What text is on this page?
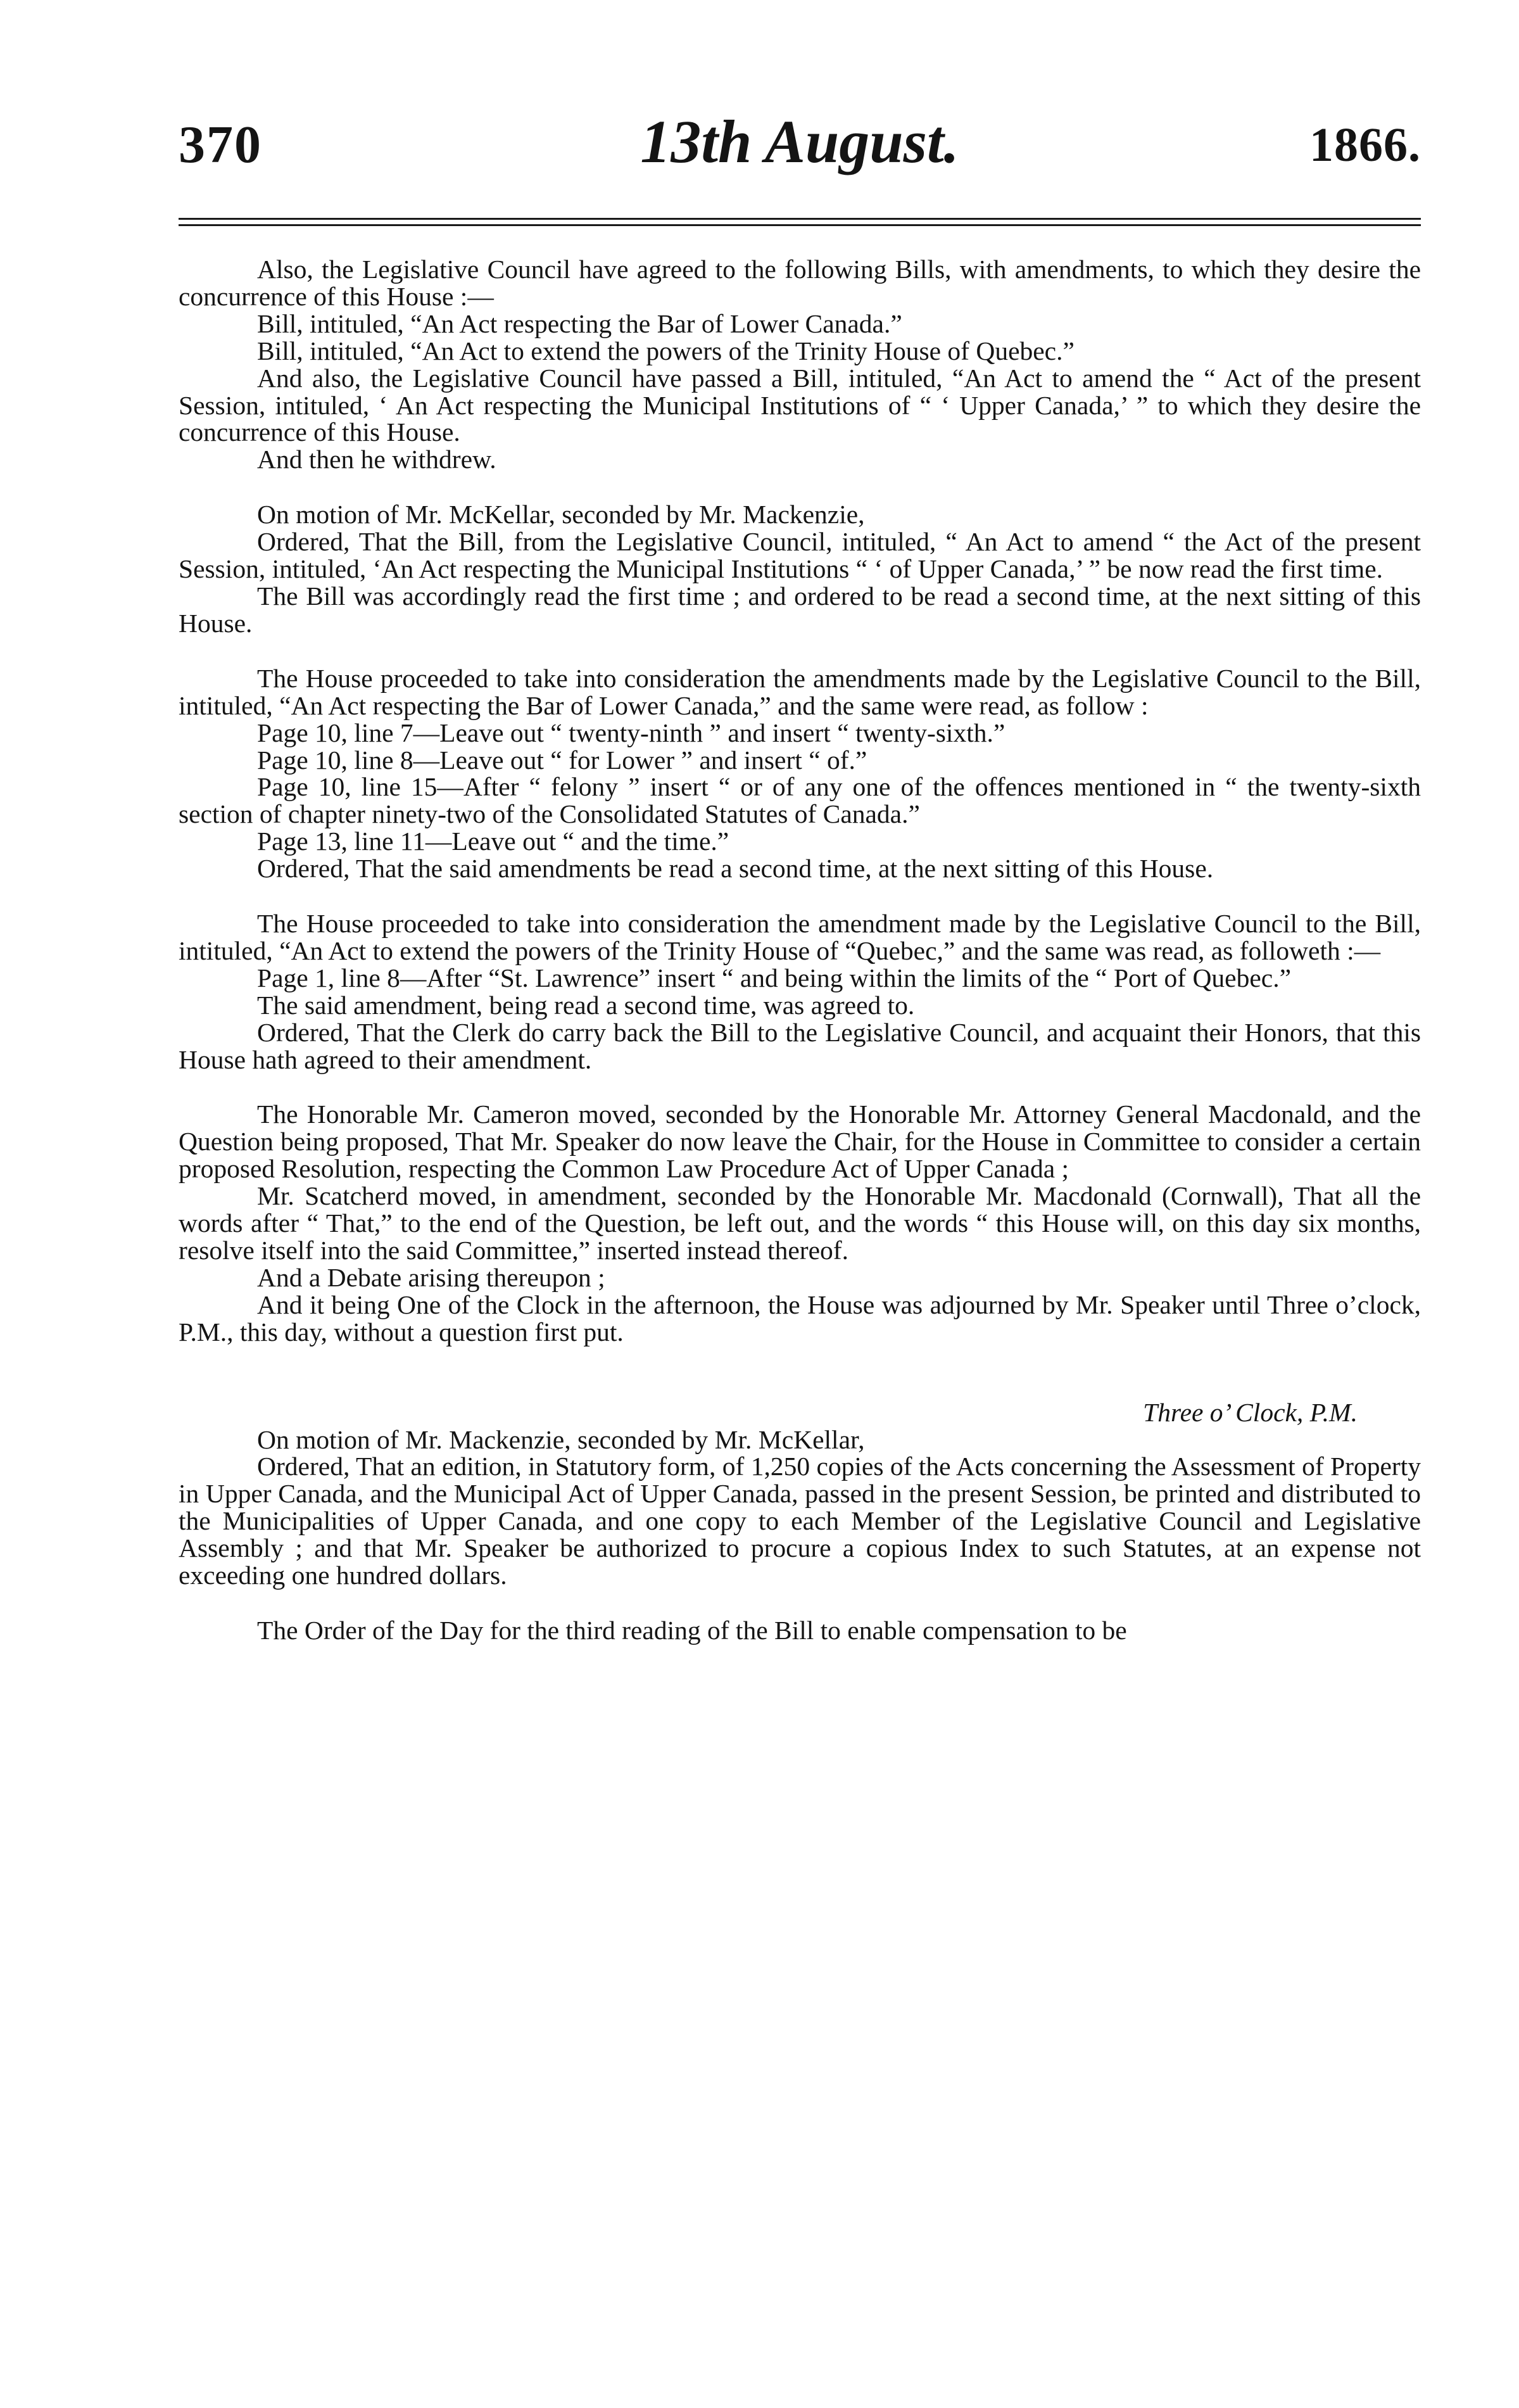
370	13th August.	1866.

Also, the Legislative Council have agreed to the following Bills, with amendments, to which they desire the concurrence of this House :—

Bill, intituled, “An Act respecting the Bar of Lower Canada.”

Bill, intituled, “An Act to extend the powers of the Trinity House of Quebec.”

And also, the Legislative Council have passed a Bill, intituled, “An Act to amend the “ Act of the present Session, intituled, ‘ An Act respecting the Municipal Institutions of “ ‘ Upper Canada,’ ” to which they desire the concurrence of this House.

And then he withdrew.

On motion of Mr. McKellar, seconded by Mr. Mackenzie,

Ordered, That the Bill, from the Legislative Council, intituled, “ An Act to amend “ the Act of the present Session, intituled, ‘An Act respecting the Municipal Institutions “ ‘ of Upper Canada,’ ” be now read the first time.

The Bill was accordingly read the first time ; and ordered to be read a second time, at the next sitting of this House.

The House proceeded to take into consideration the amendments made by the Legislative Council to the Bill, intituled, “An Act respecting the Bar of Lower Canada,” and the same were read, as follow :

Page 10, line 7—Leave out “ twenty-ninth ” and insert “ twenty-sixth.”

Page 10, line 8—Leave out “ for Lower ” and insert “ of.”

Page 10, line 15—After “ felony ” insert “ or of any one of the offences mentioned in “ the twenty-sixth section of chapter ninety-two of the Consolidated Statutes of Canada.”

Page 13, line 11—Leave out “ and the time.”

Ordered, That the said amendments be read a second time, at the next sitting of this House.

The House proceeded to take into consideration the amendment made by the Legislative Council to the Bill, intituled, “An Act to extend the powers of the Trinity House of “Quebec,” and the same was read, as followeth :—

Page 1, line 8—After “St. Lawrence” insert “ and being within the limits of the “ Port of Quebec.”

The said amendment, being read a second time, was agreed to.

Ordered, That the Clerk do carry back the Bill to the Legislative Council, and acquaint their Honors, that this House hath agreed to their amendment.

The Honorable Mr. Cameron moved, seconded by the Honorable Mr. Attorney General Macdonald, and the Question being proposed, That Mr. Speaker do now leave the Chair, for the House in Committee to consider a certain proposed Resolution, respecting the Common Law Procedure Act of Upper Canada ;

Mr. Scatcherd moved, in amendment, seconded by the Honorable Mr. Macdonald (Cornwall), That all the words after “ That,” to the end of the Question, be left out, and the words “ this House will, on this day six months, resolve itself into the said Committee,” inserted instead thereof.

And a Debate arising thereupon ;

And it being One of the Clock in the afternoon, the House was adjourned by Mr. Speaker until Three o’clock, P.M., this day, without a question first put.

Three o’ Clock, P.M.

On motion of Mr. Mackenzie, seconded by Mr. McKellar,

Ordered, That an edition, in Statutory form, of 1,250 copies of the Acts concerning the Assessment of Property in Upper Canada, and the Municipal Act of Upper Canada, passed in the present Session, be printed and distributed to the Municipalities of Upper Canada, and one copy to each Member of the Legislative Council and Legislative Assembly ; and that Mr. Speaker be authorized to procure a copious Index to such Statutes, at an expense not exceeding one hundred dollars.

The Order of the Day for the third reading of the Bill to enable compensation to be
